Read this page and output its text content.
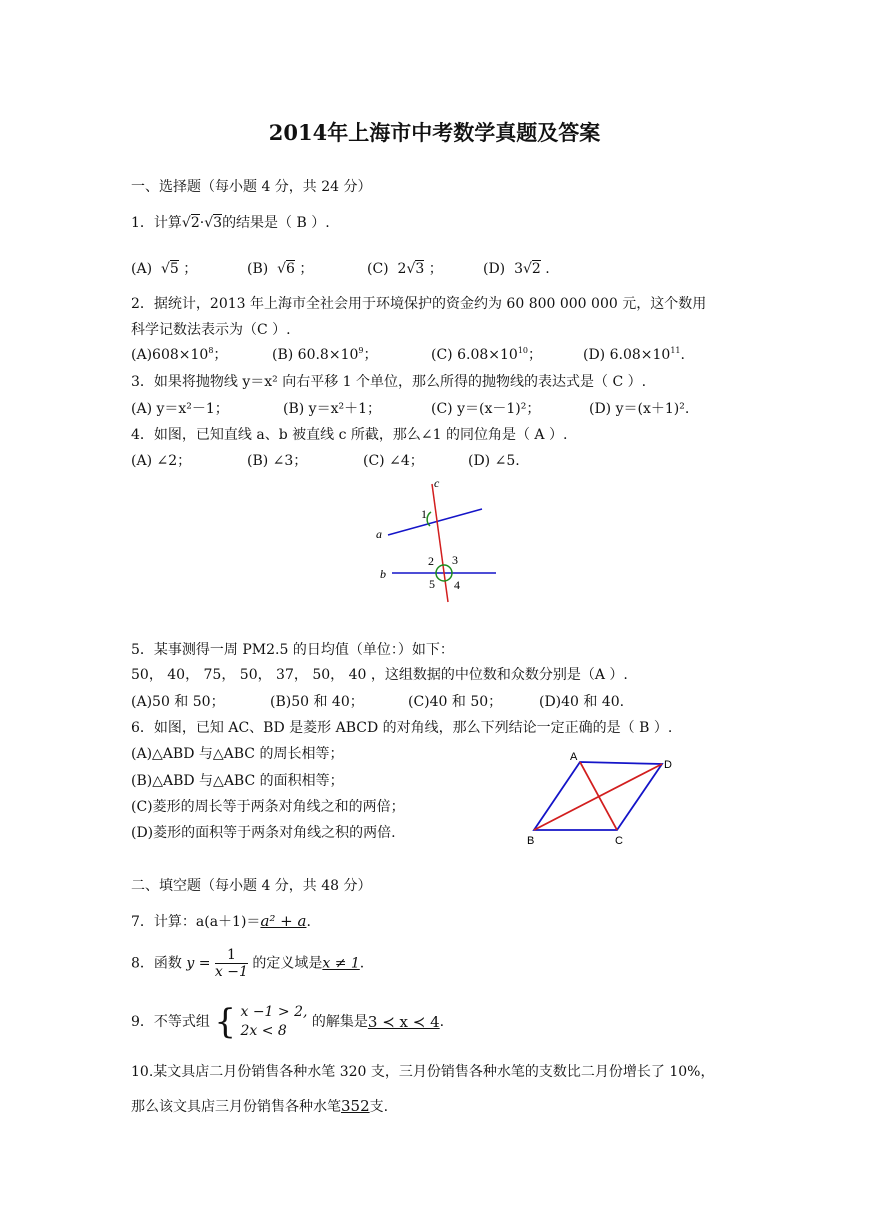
2014年上海市中考数学真题及答案
一、选择题（每小题 4 分，共 24 分）
1．计算√2·√3的结果是（ B ）.
(A)  √5 ；	(B)  √6 ；	(C) 2√3 ；	(D) 3√2 .
2．据统计，2013 年上海市全社会用于环境保护的资金约为 60 800 000 000 元，这个数用
科学记数法表示为（C ）.
$(A)608\times 10^8$；	(B) $60.8\times 10^9$；	(C) $6.08\times 10^{10}$；	(D) $6.08\times 10^{11}$.
3．如果将抛物线 y＝x² 向右平移 1 个单位，那么所得的抛物线的表达式是（ C ）.
(A) y＝x²－1；	(B) y＝x²＋1；	(C) y＝(x－1)²；	(D) y＝(x＋1)².
4．如图，已知直线 a、b 被直线 c 所截，那么∠1 的同位角是（ A ）.
(A) ∠2；	(B) ∠3；	(C) ∠4；	(D) ∠5.
c
a
b
1
2 3
4
5
5．某事测得一周 PM2.5 的日均值（单位：）如下：
50， 40， 75， 50， 37， 50， 40 ，这组数据的中位数和众数分别是（A ）.
(A)50 和 50；	(B)50 和 40；	(C)40 和 50；	(D)40 和 40.
6．如图，已知 AC、BD 是菱形 ABCD 的对角线，那么下列结论一定正确的是（ B ）.
(A)△ABD 与△ABC 的周长相等；
(B)△ABD 与△ABC 的面积相等；
(C)菱形的周长等于两条对角线之和的两倍；
(D)菱形的面积等于两条对角线之积的两倍.
A
D
B	C
二、填空题（每小题 4 分，共 48 分）
7．计算：a(a＋1)＝a² + a.
8．函数 $y = \frac{1}{x -1}$ 的定义域是x ≠ 1.
9．不等式组 { x −1 > 2,
2x < 8
的解集是3 ≺ x ≺ 4.
10.某文具店二月份销售各种水笔 320 支，三月份销售各种水笔的支数比二月份增长了 10%，
那么该文具店三月份销售各种水笔352支.
